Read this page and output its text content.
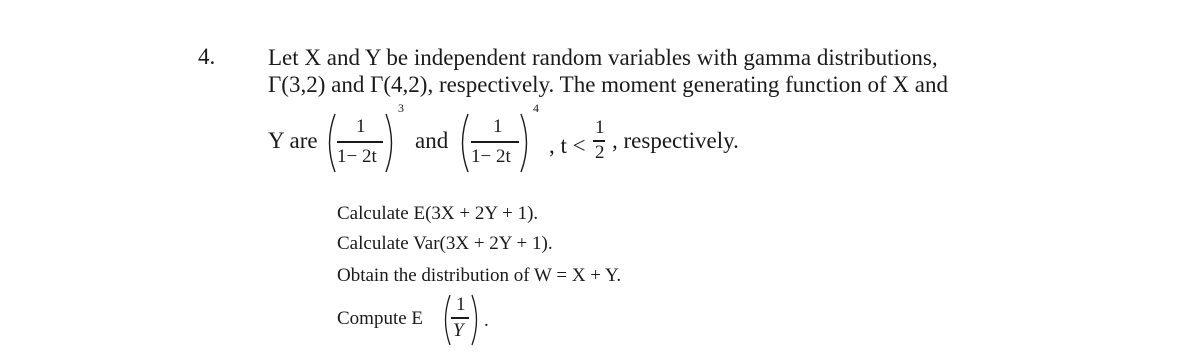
4. Let X and Y be independent random variables with gamma distributions,
Γ(3,2) and Γ(4,2), respectively. The moment generating function of X and
Y are
1
1− 2t
3
and
1
1− 2t
4
, t <
1
2 , respectively.
Calculate E(3X + 2Y + 1).
Calculate Var(3X + 2Y + 1).
Obtain the distribution of W = X + Y.
Compute E
1
Y .
